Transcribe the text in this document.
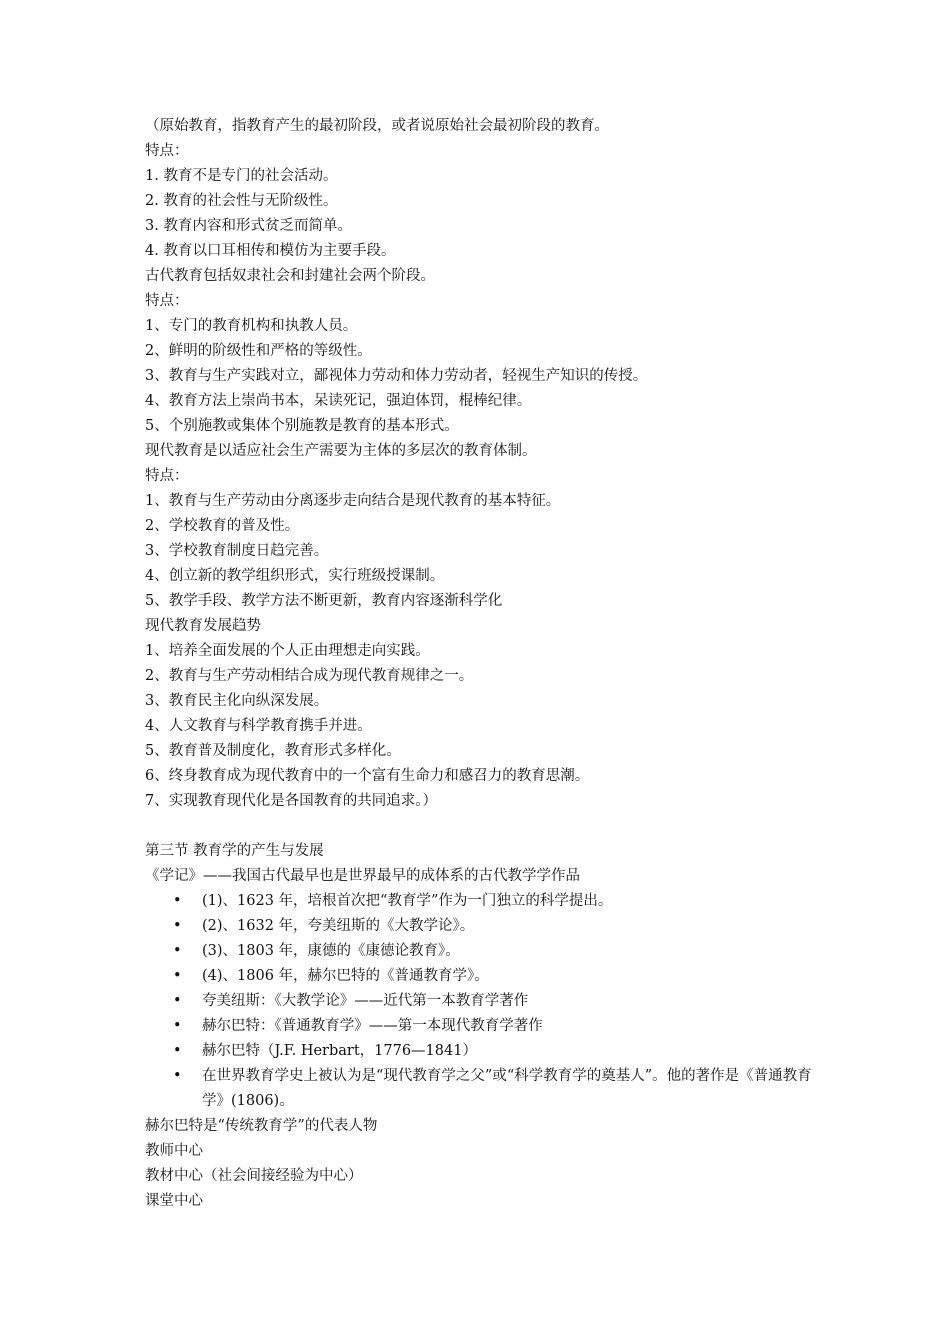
（原始教育，指教育产生的最初阶段，或者说原始社会最初阶段的教育。
特点：
1. 教育不是专门的社会活动。
2. 教育的社会性与无阶级性。
3. 教育内容和形式贫乏而简单。
4. 教育以口耳相传和模仿为主要手段。
古代教育包括奴隶社会和封建社会两个阶段。
特点：
1、专门的教育机构和执教人员。
2、鲜明的阶级性和严格的等级性。
3、教育与生产实践对立，鄙视体力劳动和体力劳动者，轻视生产知识的传授。
4、教育方法上崇尚书本，呆读死记，强迫体罚，棍棒纪律。
5、个别施教或集体个别施教是教育的基本形式。
现代教育是以适应社会生产需要为主体的多层次的教育体制。
特点：
1、教育与生产劳动由分离逐步走向结合是现代教育的基本特征。
2、学校教育的普及性。
3、学校教育制度日趋完善。
4、创立新的教学组织形式，实行班级授课制。
5、教学手段、教学方法不断更新，教育内容逐渐科学化
现代教育发展趋势
1、培养全面发展的个人正由理想走向实践。
2、教育与生产劳动相结合成为现代教育规律之一。
3、教育民主化向纵深发展。
4、人文教育与科学教育携手并进。
5、教育普及制度化，教育形式多样化。
6、终身教育成为现代教育中的一个富有生命力和感召力的教育思潮。
7、实现教育现代化是各国教育的共同追求。）
第三节 教育学的产生与发展
《学记》——我国古代最早也是世界最早的成体系的古代教学学作品
•	(1)、1623 年，培根首次把“教育学”作为一门独立的科学提出。
•	(2)、1632 年，夸美纽斯的《大教学论》。
•	(3)、1803 年，康德的《康德论教育》。
•	(4)、1806 年，赫尔巴特的《普通教育学》。
•	夸美纽斯：《大教学论》——近代第一本教育学著作
•	赫尔巴特：《普通教育学》——第一本现代教育学著作
•	赫尔巴特（J.F. Herbart，1776—1841）
•	在世界教育学史上被认为是“现代教育学之父”或“科学教育学的奠基人”。他的著作是《普通教育学》(1806)。
赫尔巴特是“传统教育学”的代表人物
教师中心
教材中心（社会间接经验为中心）
课堂中心
